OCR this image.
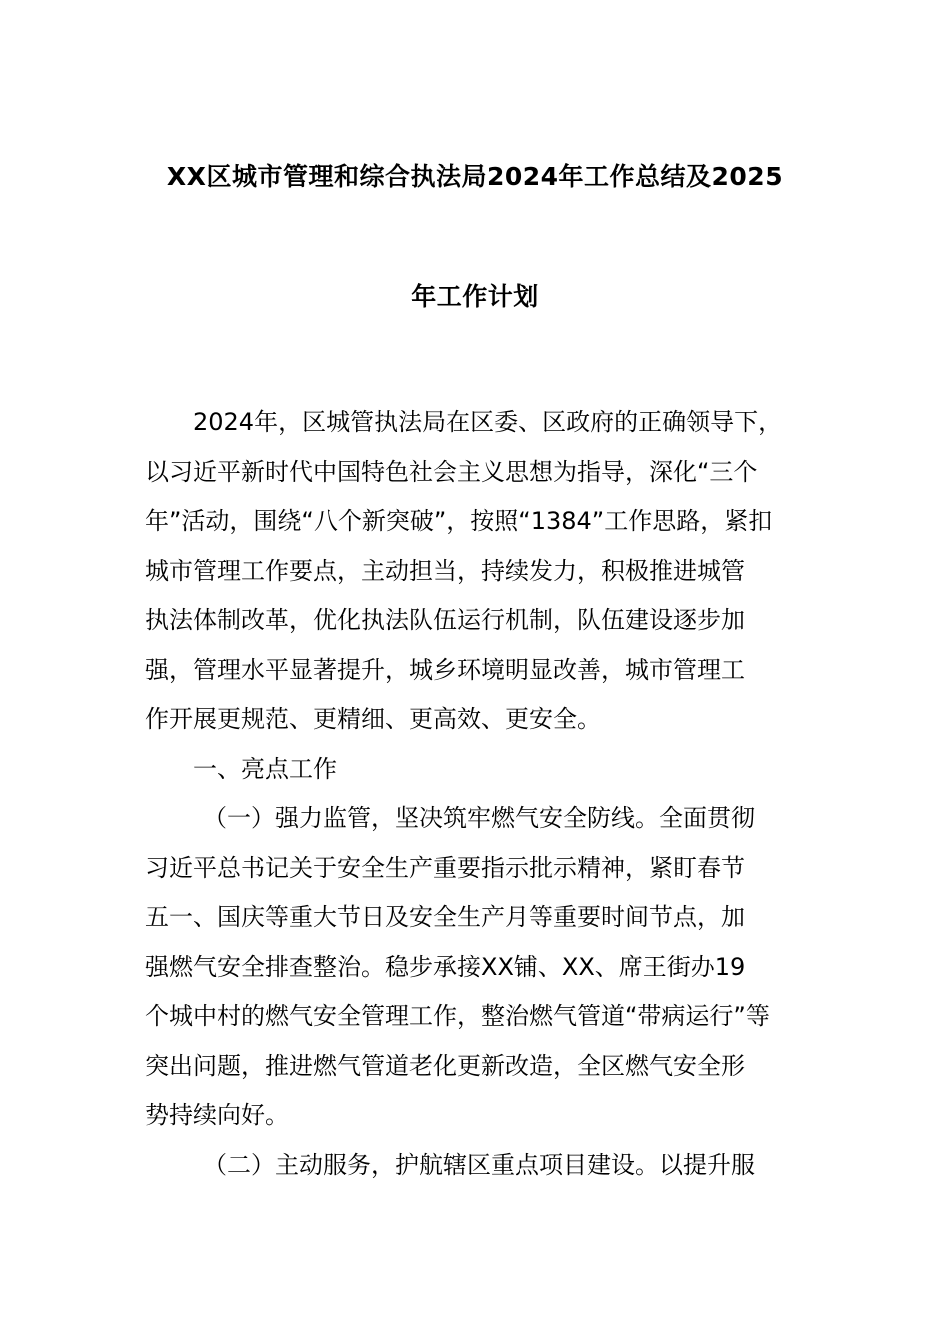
XX区城市管理和综合执法局2024年工作总结及2025
年工作计划

2024年，区城管执法局在区委、区政府的正确领导下，

以习近平新时代中国特色社会主义思想为指导，深化“三个

年”活动，围绕“八个新突破”，按照“1384”工作思路，紧扣

城市管理工作要点，主动担当，持续发力，积极推进城管

执法体制改革，优化执法队伍运行机制，队伍建设逐步加

强，管理水平显著提升，城乡环境明显改善，城市管理工

作开展更规范、更精细、更高效、更安全。

一、亮点工作

（一）强力监管，坚决筑牢燃气安全防线。全面贯彻

习近平总书记关于安全生产重要指示批示精神，紧盯春节

五一、国庆等重大节日及安全生产月等重要时间节点，加

强燃气安全排查整治。稳步承接XX铺、XX、席王街办19

个城中村的燃气安全管理工作，整治燃气管道“带病运行”等

突出问题，推进燃气管道老化更新改造，全区燃气安全形

势持续向好。

（二）主动服务，护航辖区重点项目建设。以提升服
